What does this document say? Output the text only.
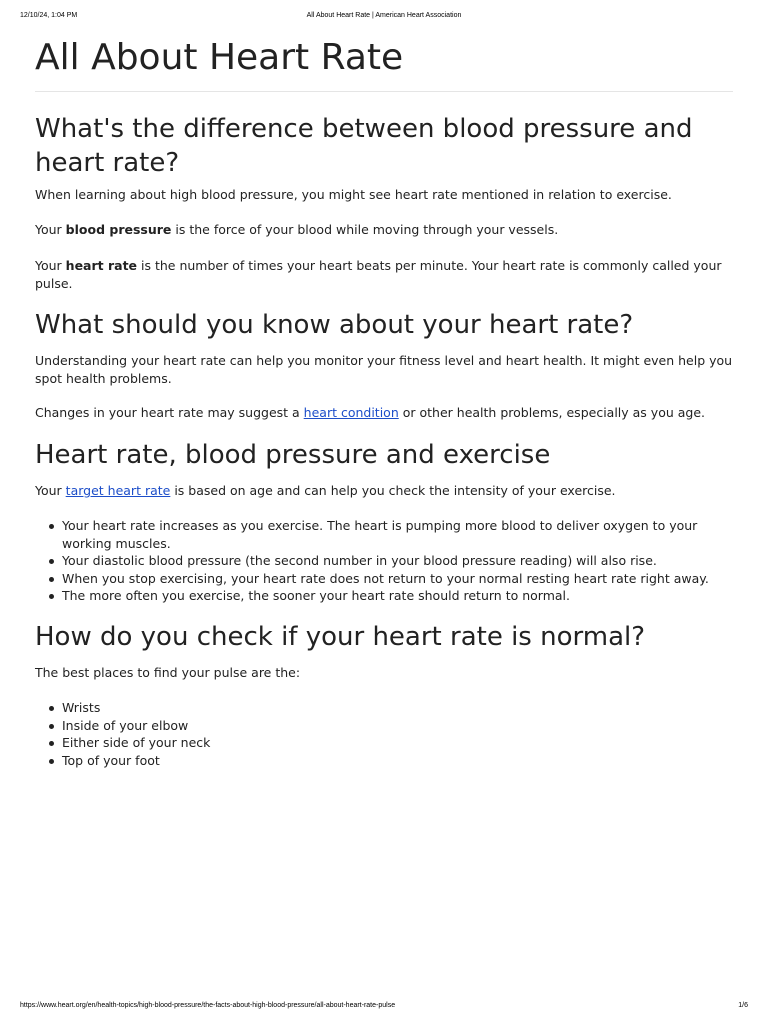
12/10/24, 1:04 PM	All About Heart Rate | American Heart Association
All About Heart Rate
What's the difference between blood pressure and heart rate?

When learning about high blood pressure, you might see heart rate mentioned in relation to exercise.

Your blood pressure is the force of your blood while moving through your vessels.

Your heart rate is the number of times your heart beats per minute. Your heart rate is commonly called your pulse.

What should you know about your heart rate?

Understanding your heart rate can help you monitor your fitness level and heart health. It might even help you spot health problems.

Changes in your heart rate may suggest a heart condition or other health problems, especially as you age.

Heart rate, blood pressure and exercise

Your target heart rate is based on age and can help you check the intensity of your exercise.

Your heart rate increases as you exercise. The heart is pumping more blood to deliver oxygen to your working muscles.
Your diastolic blood pressure (the second number in your blood pressure reading) will also rise.
When you stop exercising, your heart rate does not return to your normal resting heart rate right away.
The more often you exercise, the sooner your heart rate should return to normal.
How do you check if your heart rate is normal?

The best places to find your pulse are the:

Wrists
Inside of your elbow
Either side of your neck
Top of your foot
https://www.heart.org/en/health-topics/high-blood-pressure/the-facts-about-high-blood-pressure/all-about-heart-rate-pulse	1/6
